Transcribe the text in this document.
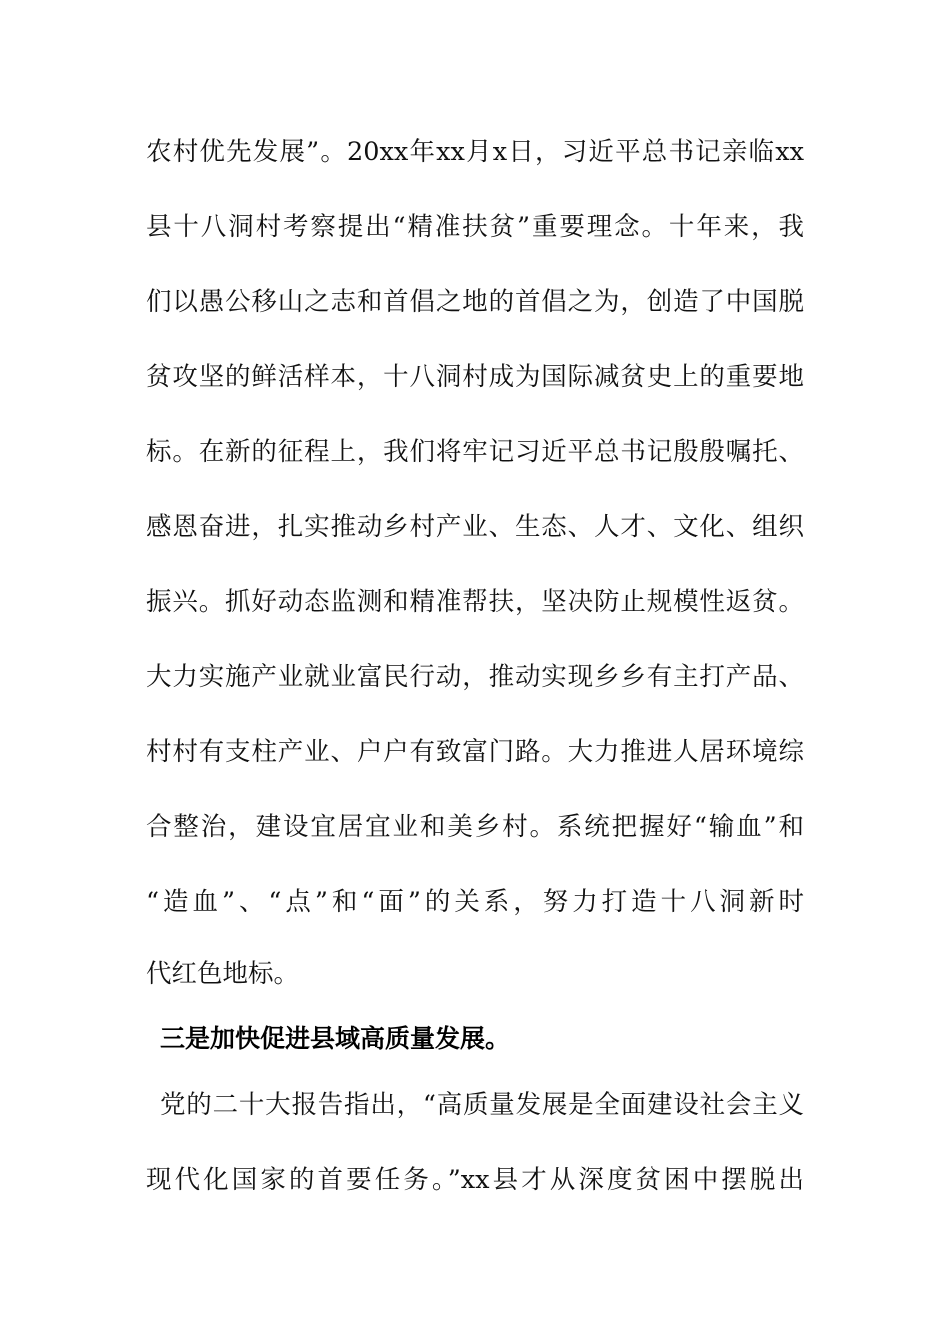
农村优先发展”。20xx年xx月x日，习近平总书记亲临xx
县十八洞村考察提出“精准扶贫”重要理念。十年来，我
们以愚公移山之志和首倡之地的首倡之为，创造了中国脱
贫攻坚的鲜活样本，十八洞村成为国际减贫史上的重要地
标。在新的征程上，我们将牢记习近平总书记殷殷嘱托、
感恩奋进，扎实推动乡村产业、生态、人才、文化、组织
振兴。抓好动态监测和精准帮扶，坚决防止规模性返贫。
大力实施产业就业富民行动，推动实现乡乡有主打产品、
村村有支柱产业、户户有致富门路。大力推进人居环境综
合整治，建设宜居宜业和美乡村。系统把握好“输血”和
“造血”、“点”和“面”的关系，努力打造十八洞新时
代红色地标。
三是加快促进县域高质量发展。
党的二十大报告指出，“高质量发展是全面建设社会主义
现代化国家的首要任务。”xx县才从深度贫困中摆脱出
